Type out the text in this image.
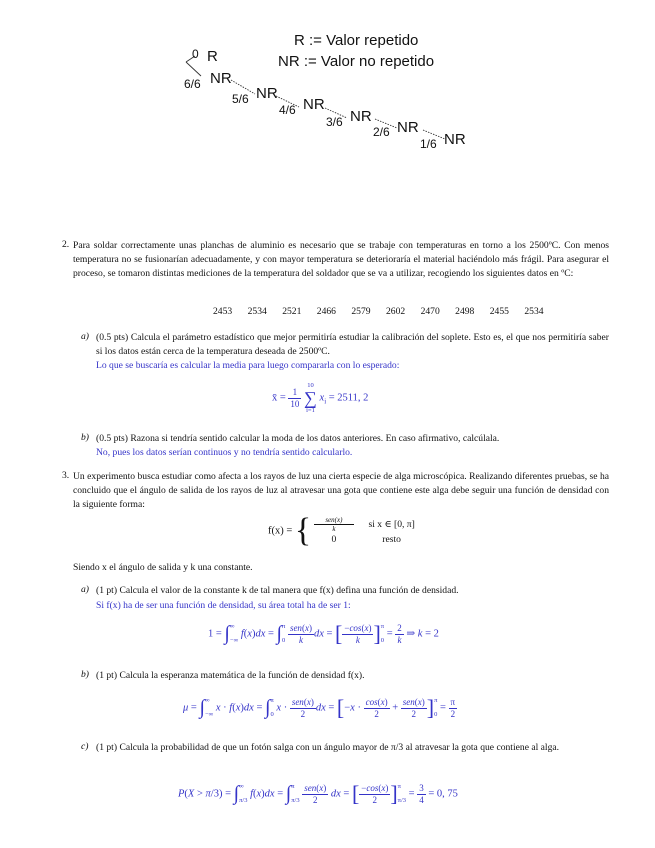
R := Valor repetido
NR := Valor no repetido
0 R
6/6 NR
5/6 NR
4/6 NR
3/6 NR
2/6 NR
1/6 NR
2. Para soldar correctamente unas planchas de aluminio es necesario que se trabaje con temperaturas en torno a los 2500ºC. Con menos temperatura no se fusionarían adecuadamente, y con mayor temperatura se deterioraría el material haciéndolo más frágil. Para asegurar el proceso, se tomaron distintas mediciones de la temperatura del soldador que se va a utilizar, recogiendo los siguientes datos en ºC:
2453 2534 2521 2466 2579 2602 2470 2498 2455 2534
a) (0.5 pts) Calcula el parámetro estadístico que mejor permitiría estudiar la calibración del soplete. Esto es, el que nos permitiría saber si los datos están cerca de la temperatura deseada de 2500ºC.
Lo que se buscaría es calcular la media para luego compararla con lo esperado:
x̄ = $\frac{1}{10}$

10
∑
i=1
$x_i = 2511$, 2
b) (0.5 pts) Razona si tendría sentido calcular la moda de los datos anteriores. En caso afirmativo, calcúlala.
No, pues los datos serían continuos y no tendría sentido calcularlo.
3. Un experimento busca estudiar como afecta a los rayos de luz una cierta especie de alga microscópica. Realizando diferentes pruebas, se ha concluido que el ángulo de salida de los rayos de luz al atravesar una gota que contiene este alga debe seguir una función de densidad con la siguiente forma:
f(x) = { $\frac{\text{sen(x)}}{k}$ si x ∈ [0, π]
0	resto
Siendo x el ángulo de salida y k una constante.
a) (1 pt) Calcula el valor de la constante k de tal manera que f(x) defina una función de densidad.
Si f(x) ha de ser una función de densidad, su área total ha de ser 1:
1 = ∫ ∞
−∞
f(x)dx = ∫ π
0
$\frac{\text{sen(x)}}{k}$ dx = [ $\frac{-\cos(x)}{k}$ ] π
0
= $\frac{2}{k}$ ⇒ k = 2
b) (1 pt) Calcula la esperanza matemática de la función de densidad f(x).
μ = ∫ ∞
−∞
x · f(x)dx = ∫ π
0
$x \cdot \frac{\text{sen(x)}}{2}$ dx = [$-x \cdot \frac{\cos(x)}{2} + \frac{\text{sen(x)}}{2}$ ] π
0
= $\frac{\pi}{2}$
c) (1 pt) Calcula la probabilidad de que un fotón salga con un ángulo mayor de π/3 al atravesar la gota que contiene al alga.
P(X > π/3) = ∫ ∞
π/3
f(x)dx = ∫ π
π/3
$\frac{\text{sen(x)}}{2}$ dx = [ $\frac{-\cos(x)}{2}$ ] π
π/3
= $\frac{3}{4} = 0$, 75
